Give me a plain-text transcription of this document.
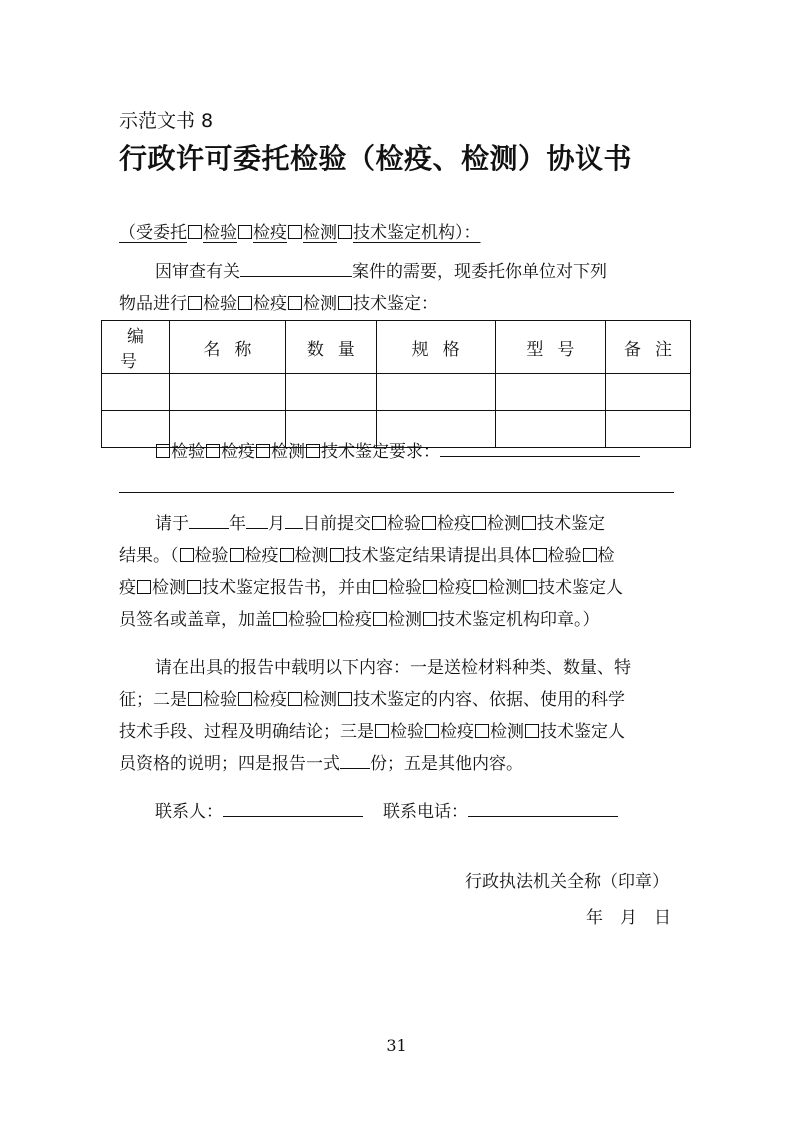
示范文书 8
行政许可委托检验（检疫、检测）协议书
（受委托 检验 检疫 检测 技术鉴定机构）：
因审查有关	案件的需要，现委托你单位对下列
物品进行 检验 检疫 检测 技术鉴定：
编号	名称	数量	规格	型号	备注

检验 检疫 检测 技术鉴定要求：
请于 年 月 日前提交 检验 检疫 检测 技术鉴定
结果。（ 检验 检疫 检测 技术鉴定结果请提出具体 检验 检
疫 检测 技术鉴定报告书，并由 检验 检疫 检测 技术鉴定人
员签名或盖章，加盖 检验 检疫 检测 技术鉴定机构印章。）
请在出具的报告中载明以下内容：一是送检材料种类、数量、特
征；二是 检验 检疫 检测 技术鉴定的内容、依据、使用的科学
技术手段、过程及明确结论；三是 检验 检疫 检测 技术鉴定人
员资格的说明；四是报告一式 份；五是其他内容。
联系人：	联系电话：
行政执法机关全称（印章）
年　月　日
31
